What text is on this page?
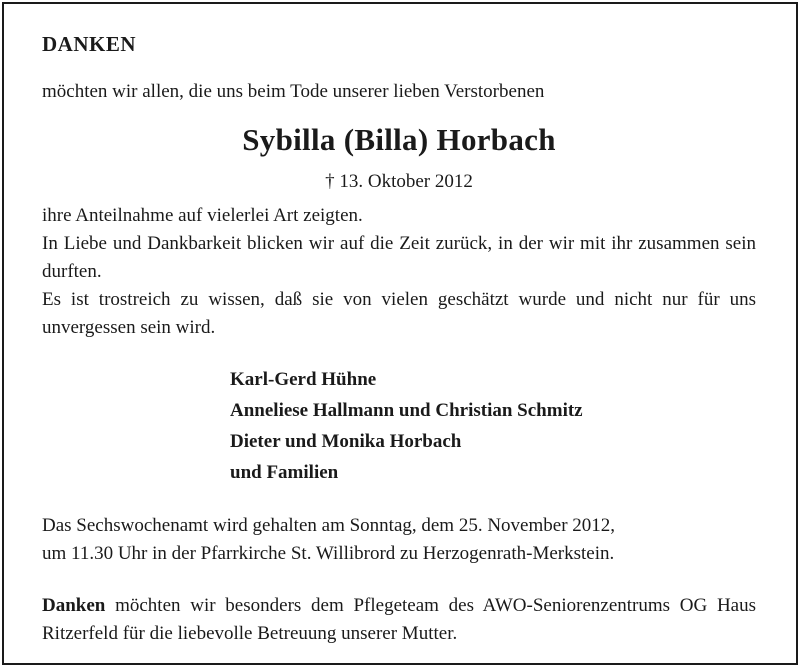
DANKEN
möchten wir allen, die uns beim Tode unserer lieben Verstorbenen
Sybilla (Billa) Horbach
† 13. Oktober 2012
ihre Anteilnahme auf vielerlei Art zeigten.
In Liebe und Dankbarkeit blicken wir auf die Zeit zurück, in der wir mit ihr zusammen sein durften.
Es ist trostreich zu wissen, daß sie von vielen geschätzt wurde und nicht nur für uns unvergessen sein wird.
Karl-Gerd Hühne
Anneliese Hallmann und Christian Schmitz
Dieter und Monika Horbach
und Familien
Das Sechswochenamt wird gehalten am Sonntag, dem 25. November 2012,
um 11.30 Uhr in der Pfarrkirche St. Willibrord zu Herzogenrath-Merkstein.
Danken möchten wir besonders dem Pflegeteam des AWO-Seniorenzentrums OG Haus Ritzerfeld für die liebevolle Betreuung unserer Mutter.
